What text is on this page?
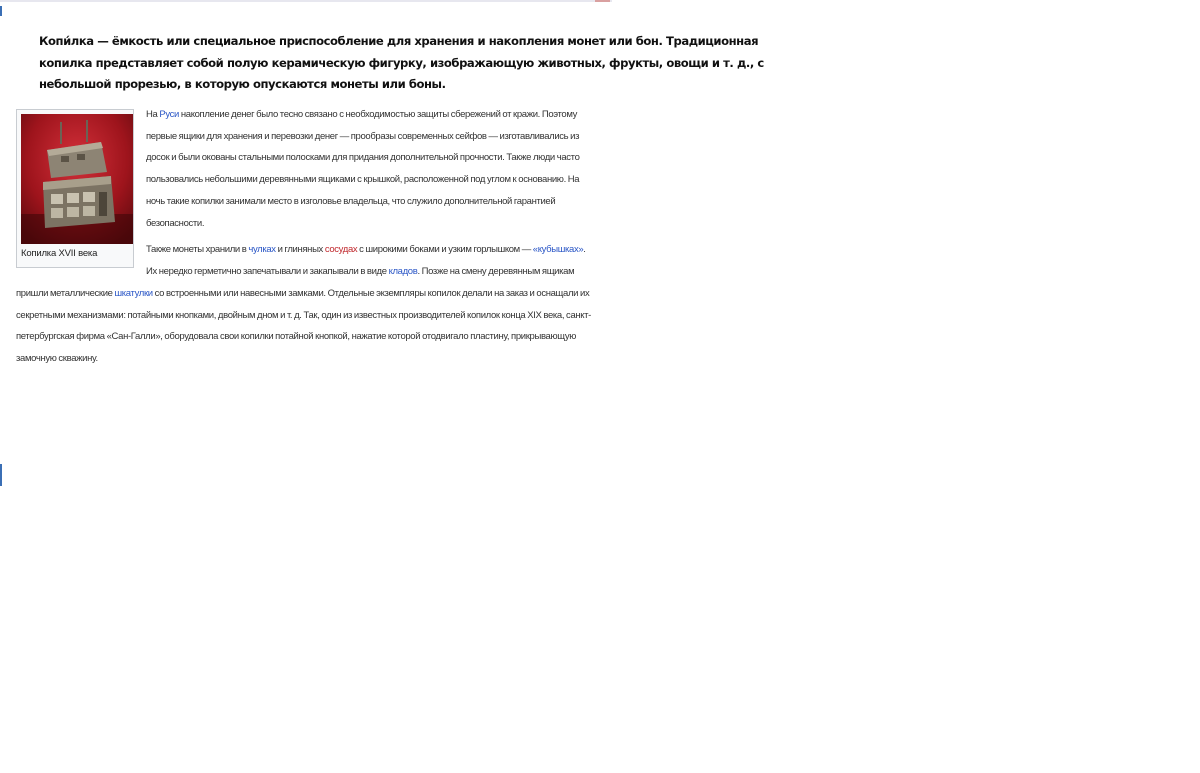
Копи́лка — ёмкость или специальное приспособление для хранения и накопления монет или бон. Традиционная
копилка представляет собой полую керамическую фигурку, изображающую животных, фрукты, овощи и т. д., с
небольшой прорезью, в которую опускаются монеты или боны.
Копилка XVII века
На Руси накопление денег было тесно связано с необходимостью защиты сбережений от кражи. Поэтому
первые ящики для хранения и перевозки денег — прообразы современных сейфов — изготавливались из
досок и были окованы стальными полосками для придания дополнительной прочности. Также люди часто
пользовались небольшими деревянными ящиками с крышкой, расположенной под углом к основанию. На
ночь такие копилки занимали место в изголовье владельца, что служило дополнительной гарантией
безопасности.
Также монеты хранили в чулках и глиняных сосудах с широкими боками и узким горлышком — «кубышках».
Их нередко герметично запечатывали и закапывали в виде кладов. Позже на смену деревянным ящикам
пришли металлические шкатулки со встроенными или навесными замками. Отдельные экземпляры копилок делали на заказ и оснащали их
секретными механизмами: потайными кнопками, двойным дном и т. д. Так, один из известных производителей копилок конца XIX века, санкт-
петербургская фирма «Сан-Галли», оборудовала свои копилки потайной кнопкой, нажатие которой отодвигало пластину, прикрывающую
замочную скважину.
